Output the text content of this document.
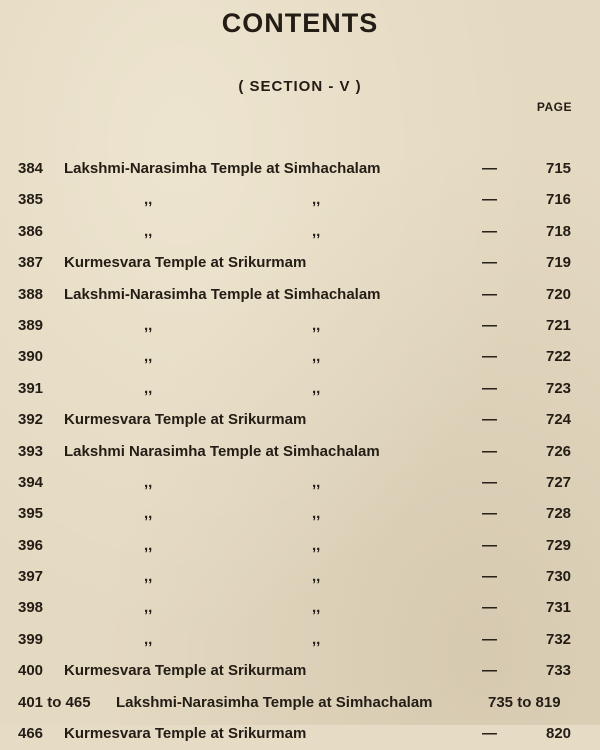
CONTENTS
( SECTION - V )
PAGE
384 Lakshmi-Narasimha Temple at Simhachalam	—	715
385	,,	,,	—	716
386	,,	,,	—	718
387 Kurmesvara Temple at Srikurmam	—	719
388 Lakshmi-Narasimha Temple at Simhachalam	—	720
389	,,	,,	—	721
390	,,	,,	—	722
391	,,	,,	—	723
392 Kurmesvara Temple at Srikurmam	—	724
393 Lakshmi Narasimha Temple at Simhachalam	—	726
394	,,	,,	—	727
395	,,	,,	—	728
396	,,	,,	—	729
397	,,	,,	—	730
398	,,	,,	—	731
399	,,	,,	—	732
400 Kurmesvara Temple at Srikurmam	—	733
401 to 465 Lakshmi-Narasimha Temple at Simhachalam	735 to 819
466 Kurmesvara Temple at Srikurmam	—	820
